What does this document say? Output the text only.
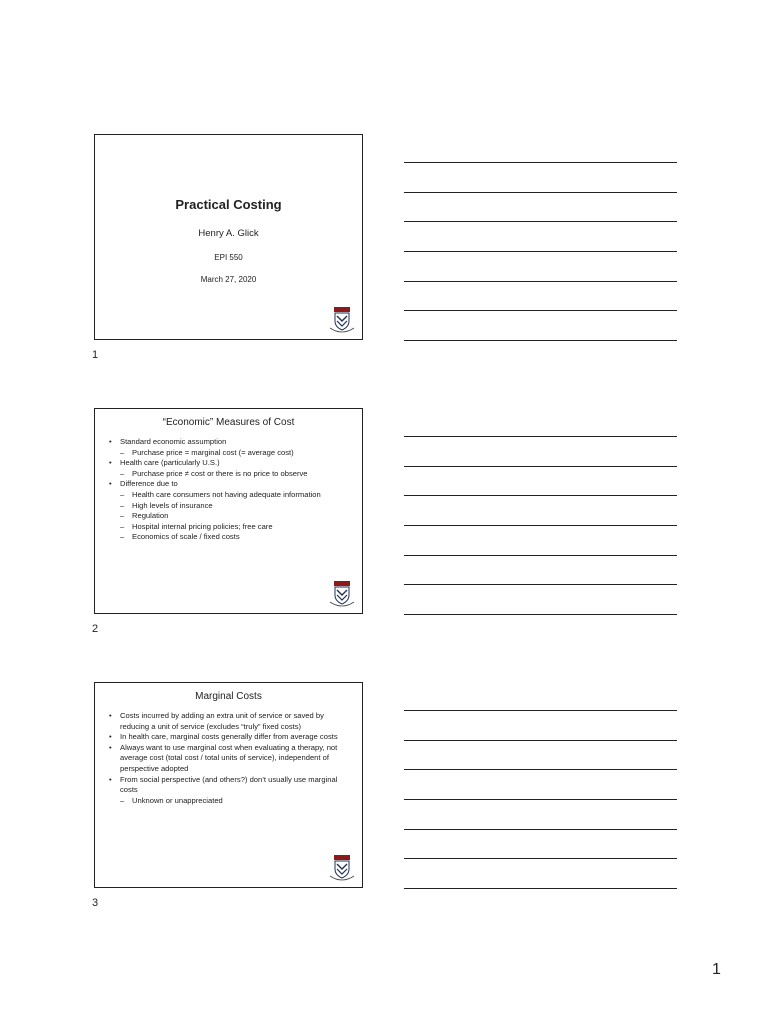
Practical Costing
Henry A. Glick
EPI 550
March 27, 2020
1
“Economic” Measures of Cost
• Standard economic assumption
– Purchase price = marginal cost (= average cost)
• Health care (particularly U.S.)
– Purchase price ≠ cost or there is no price to observe
• Difference due to
– Health care consumers not having adequate information
– High levels of insurance
– Regulation
– Hospital internal pricing policies; free care
– Economics of scale / fixed costs
2
Marginal Costs
• Costs incurred by adding an extra unit of service or saved by reducing a unit of service (excludes “truly” fixed costs)
• In health care, marginal costs generally differ from average costs
• Always want to use marginal cost when evaluating a therapy, not average cost (total cost / total units of service), independent of perspective adopted
• From social perspective (and others?) don’t usually use marginal costs
– Unknown or unappreciated
3
1
